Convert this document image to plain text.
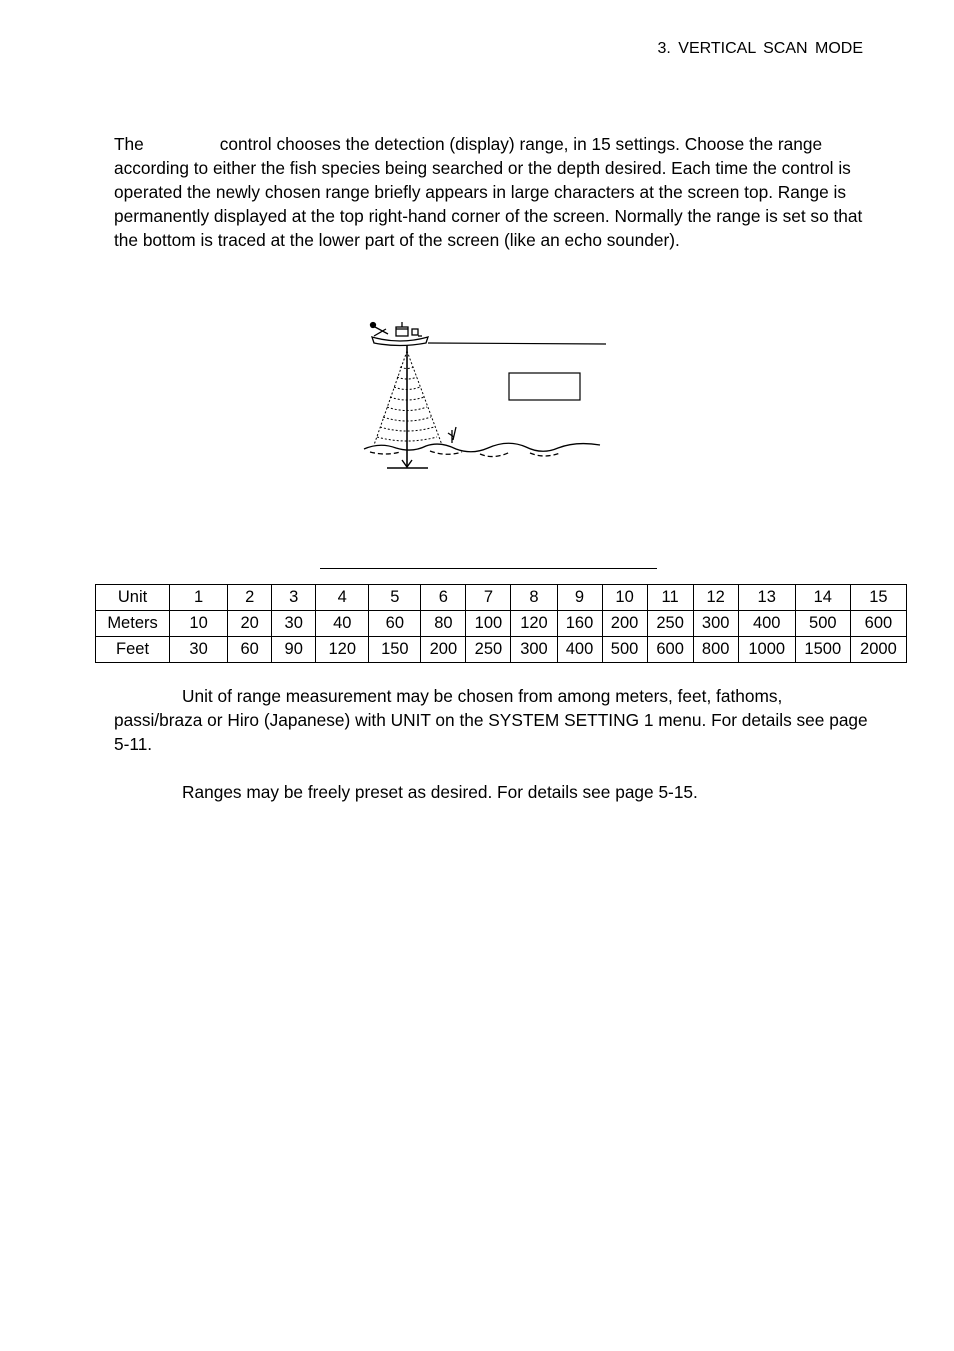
3. VERTICAL SCAN MODE

The	control chooses the detection (display) range, in 15 settings. Choose the range according to either the fish species being searched or the depth desired. Each time the control is operated the newly chosen range briefly appears in large characters at the screen top. Range is permanently displayed at the top right-hand corner of the screen. Normally the range is set so that the bottom is traced at the lower part of the screen (like an echo sounder).

Unit	1	2	3	4	5	6	7	8	9	10	11	12	13	14	15
Meters	10	20	30	40	60	80	100	120	160	200	250	300	400	500	600
Feet	30	60	90	120	150	200	250	300	400	500	600	800	1000	1500	2000

Unit of range measurement may be chosen from among meters, feet, fathoms, passi/braza or Hiro (Japanese) with UNIT on the SYSTEM SETTING 1 menu. For details see page 5-11.

Ranges may be freely preset as desired. For details see page 5-15.
